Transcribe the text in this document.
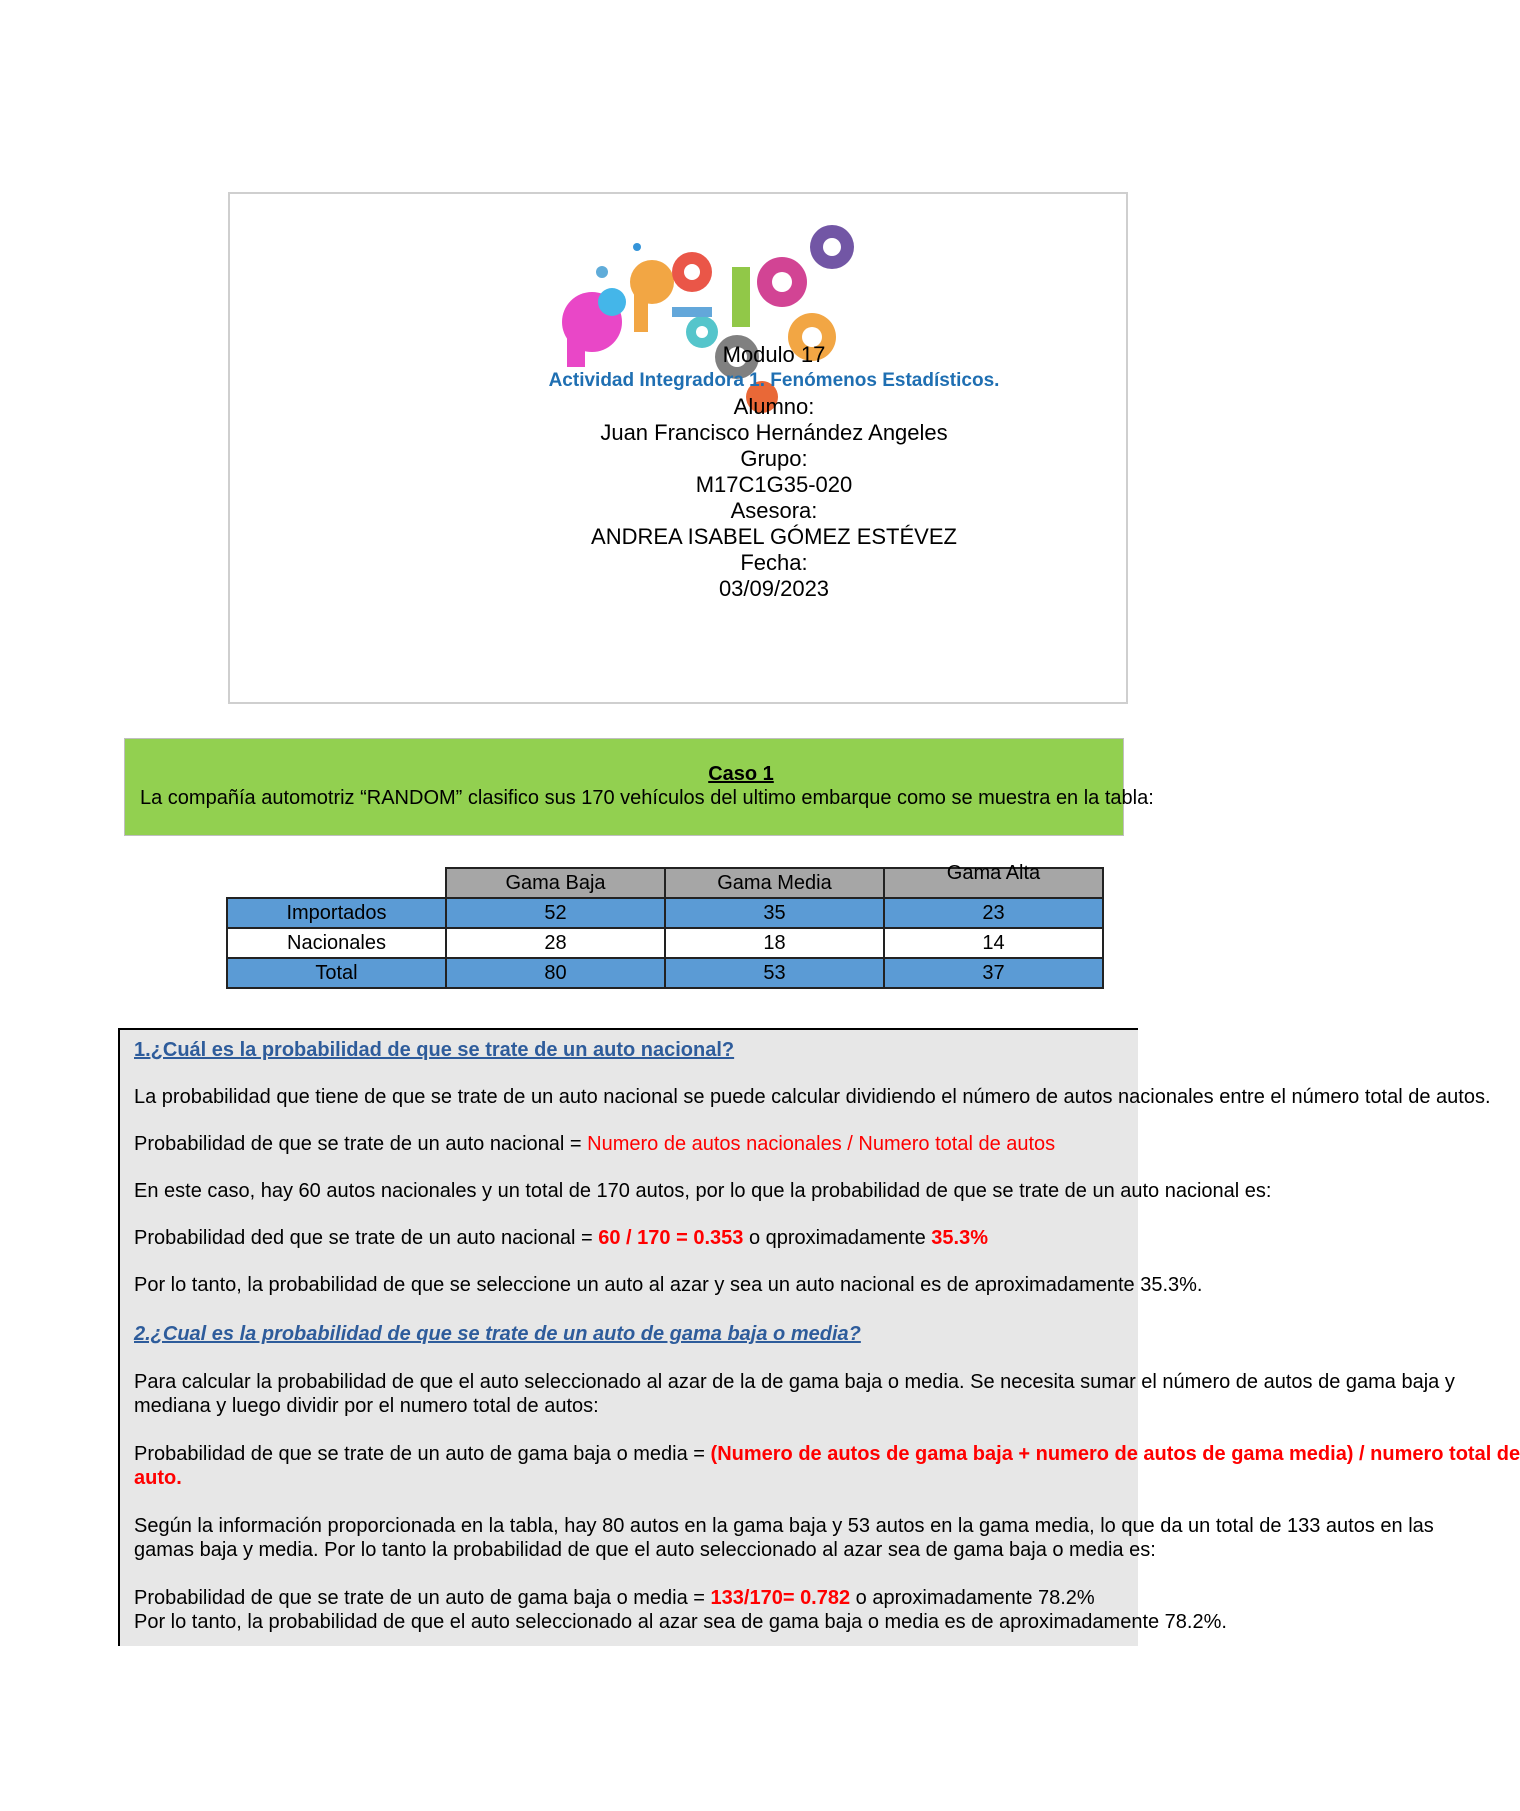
Modulo 17
Actividad Integradora 1. Fenómenos Estadísticos.
Alumno:
Juan Francisco Hernández Angeles
Grupo:
M17C1G35-020
Asesora:
ANDREA ISABEL GÓMEZ ESTÉVEZ
Fecha:
03/09/2023
Caso 1
La compañía automotriz “RANDOM” clasifico sus 170 vehículos del ultimo embarque como se muestra en la tabla:
	Gama Baja	Gama Media	Gama Alta
Importados	52	35	23
Nacionales	28	18	14
Total	80	53	37

1.¿Cuál es la probabilidad de que se trate de un auto nacional?

La probabilidad que tiene de que se trate de un auto nacional se puede calcular dividiendo el número de autos nacionales entre el número total de autos.

Probabilidad de que se trate de un auto nacional = Numero de autos nacionales / Numero total de autos

En este caso, hay 60 autos nacionales y un total de 170 autos, por lo que la probabilidad de que se trate de un auto nacional es:

Probabilidad ded que se trate de un auto nacional = 60 / 170 = 0.353 o qproximadamente 35.3%

Por lo tanto, la probabilidad de que se seleccione un auto al azar y sea un auto nacional es de aproximadamente 35.3%.

2.¿Cual es la probabilidad de que se trate de un auto de gama baja o media?

Para calcular la probabilidad de que el auto seleccionado al azar de la de gama baja o media. Se necesita sumar el número de autos de gama baja y

mediana y luego dividir por el numero total de autos:

Probabilidad de que se trate de un auto de gama baja o media = (Numero de autos de gama baja + numero de autos de gama media) / numero total de

auto.

Según la información proporcionada en la tabla, hay 80 autos en la gama baja y 53 autos en la gama media, lo que da un total de 133 autos en las

gamas baja y media. Por lo tanto la probabilidad de que el auto seleccionado al azar sea de gama baja o media es:

Probabilidad de que se trate de un auto de gama baja o media = 133/170= 0.782 o aproximadamente 78.2%

Por lo tanto, la probabilidad de que el auto seleccionado al azar sea de gama baja o media es de aproximadamente 78.2%.
